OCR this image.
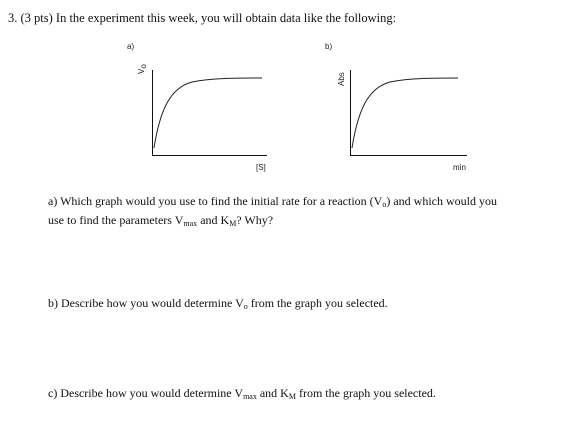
3. (3 pts) In the experiment this week, you will obtain data like the following:
a)
$V_o$
[S]
b)
Abs
min
a) Which graph would you use to find the initial rate for a reaction $(V_o)$ and which would you
use to find the parameters $V_{max}$ and $K_M$? Why?
b) Describe how you would determine $V_o$ from the graph you selected.
c) Describe how you would determine $V_{max}$ and $K_M$ from the graph you selected.
